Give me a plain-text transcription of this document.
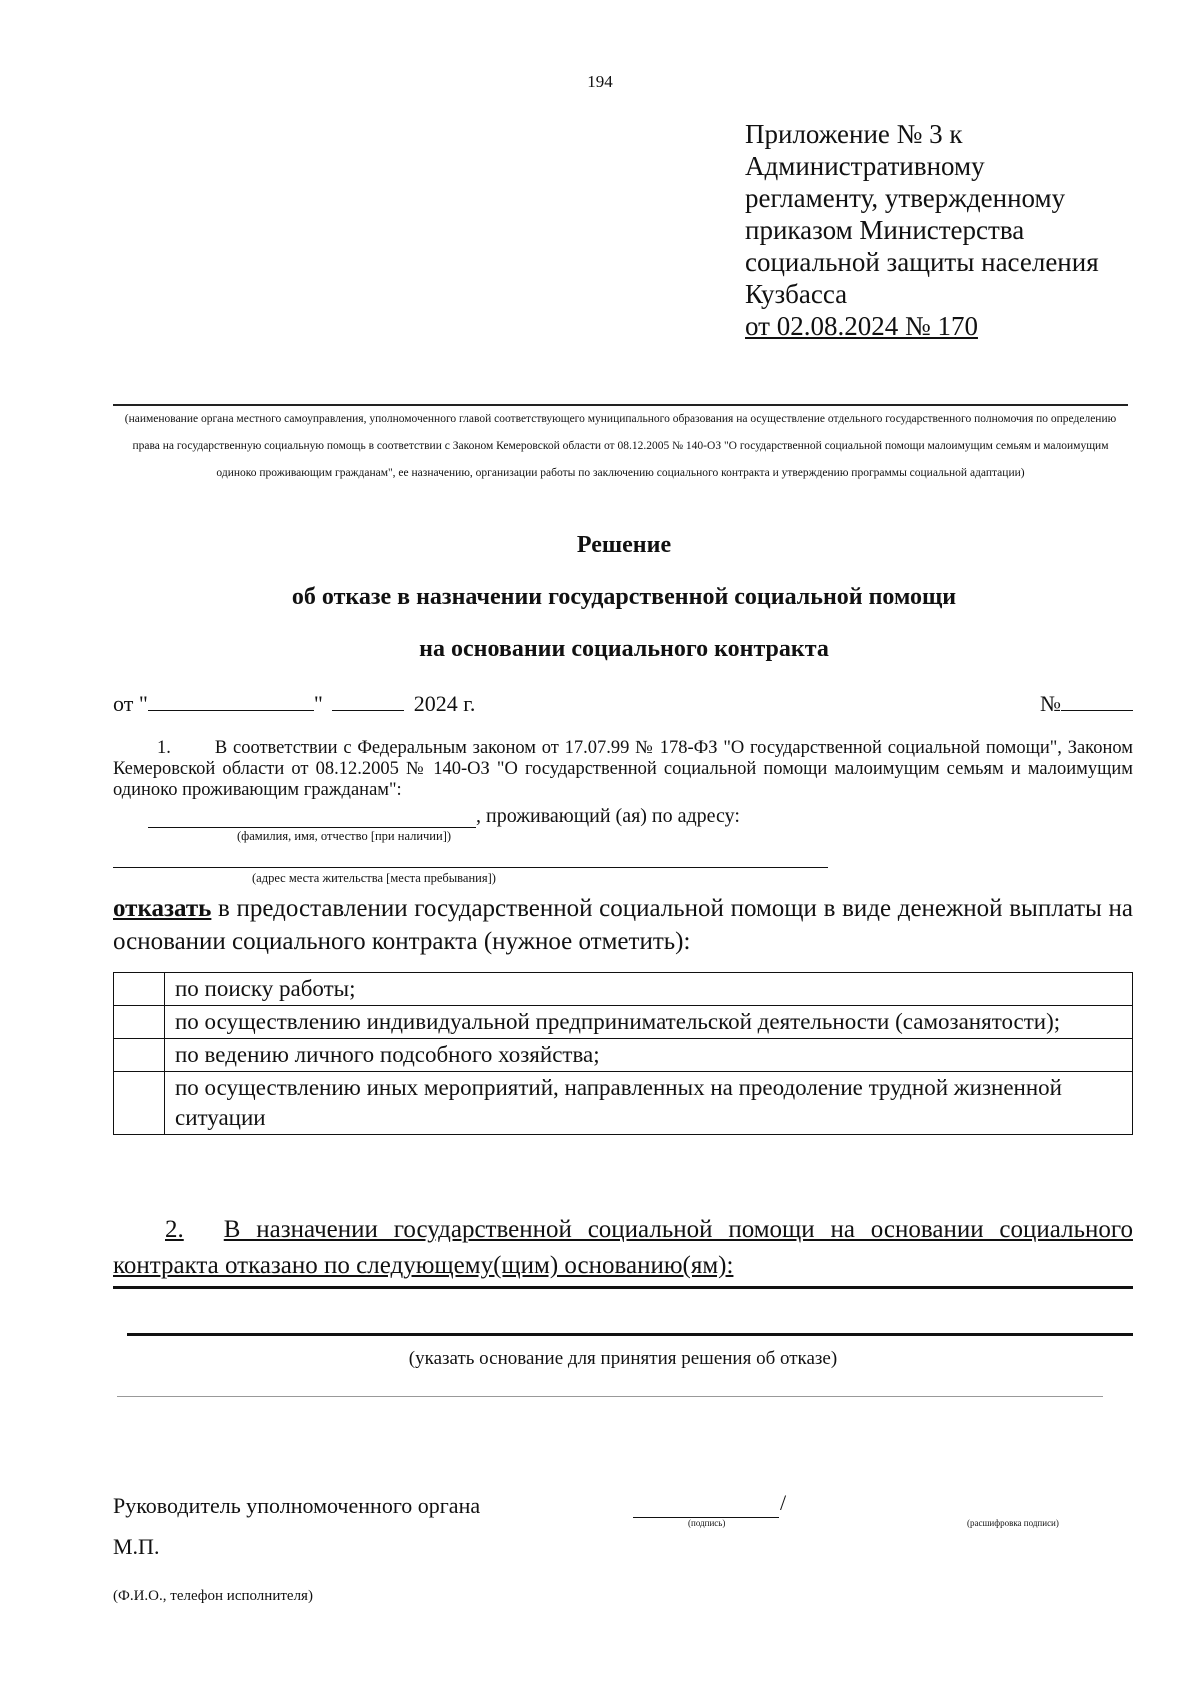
194
Приложение № 3 к
Административному
регламенту, утвержденному
приказом Министерства
социальной защиты населения
Кузбасса
от 02.08.2024 № 170
(наименование органа местного самоуправления, уполномоченного главой соответствующего муниципального образования на осуществление отдельного государственного полномочия по определению права на государственную социальную помощь в соответствии с Законом Кемеровской области от 08.12.2005 № 140-ОЗ "О государственной социальной помощи малоимущим семьям и малоимущим одиноко проживающим гражданам", ее назначению, организации работы по заключению социального контракта и утверждению программы социальной адаптации)
Решение
об отказе в назначении государственной социальной помощи
на основании социального контракта
от "	"	2024 г.	№
1. В соответствии с Федеральным законом от 17.07.99 № 178-ФЗ "О государственной социальной помощи", Законом Кемеровской области от 08.12.2005 № 140-ОЗ "О государственной социальной помощи малоимущим семьям и малоимущим одиноко проживающим гражданам":
, проживающий (ая) по адресу:
(фамилия, имя, отчество [при наличии])
(адрес места жительства [места пребывания])
отказать в предоставлении государственной социальной помощи в виде денежной выплаты на основании социального контракта (нужное отметить):
	по поиску работы;
	по осуществлению индивидуальной предпринимательской деятельности (самозанятости);
	по ведению личного подсобного хозяйства;
	по осуществлению иных мероприятий, направленных на преодоление трудной жизненной ситуации
2. В назначении государственной социальной помощи на основании социального контракта отказано по следующему(щим) основанию(ям):
(указать основание для принятия решения об отказе)
Руководитель уполномоченного органа	/
(подпись)	(расшифровка подписи)
М.П.
(Ф.И.О., телефон исполнителя)
